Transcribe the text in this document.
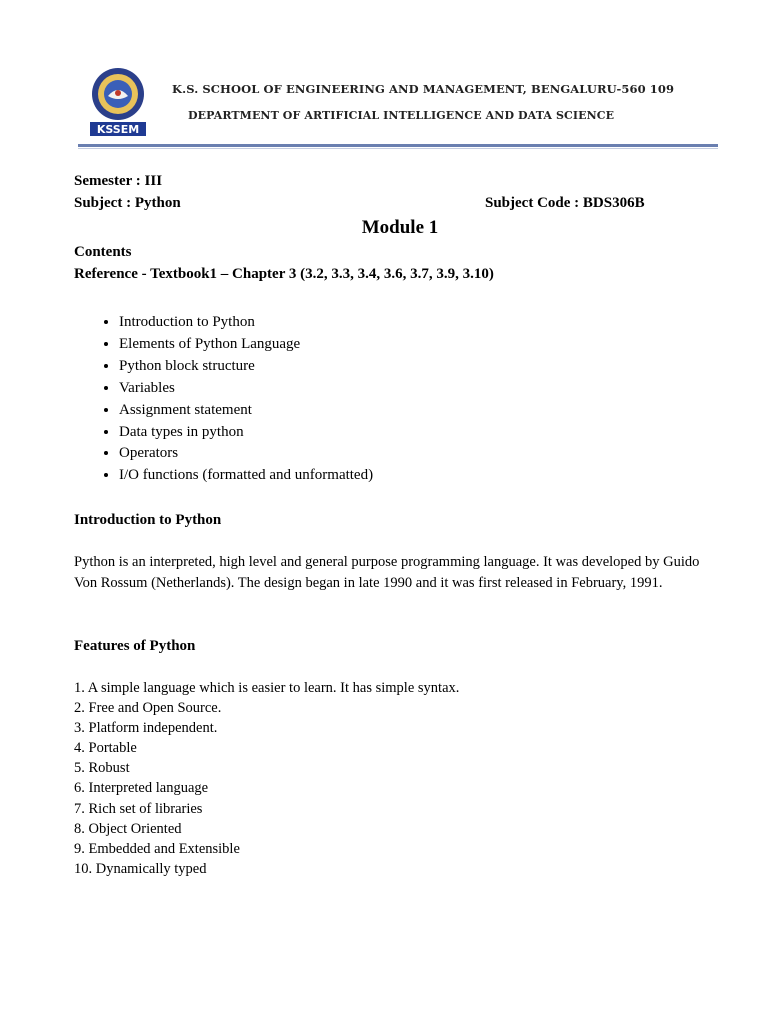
KSSEM
K.S. SCHOOL OF ENGINEERING AND MANAGEMENT, BENGALURU-560 109
DEPARTMENT OF ARTIFICIAL INTELLIGENCE AND DATA SCIENCE
Semester : III
Subject : Python	Subject Code : BDS306B
Module 1
Contents
Reference - Textbook1 – Chapter 3 (3.2, 3.3, 3.4, 3.6, 3.7, 3.9, 3.10)
• Introduction to Python
• Elements of Python Language
• Python block structure
• Variables
• Assignment statement
• Data types in python
• Operators
• I/O functions (formatted and unformatted)
Introduction to Python
Python is an interpreted, high level and general purpose programming language. It was developed by Guido Von Rossum (Netherlands). The design began in late 1990 and it was first released in February, 1991.
Features of Python
1. A simple language which is easier to learn. It has simple syntax.
2. Free and Open Source.
3. Platform independent.
4. Portable
5. Robust
6. Interpreted language
7. Rich set of libraries
8. Object Oriented
9. Embedded and Extensible
10. Dynamically typed
